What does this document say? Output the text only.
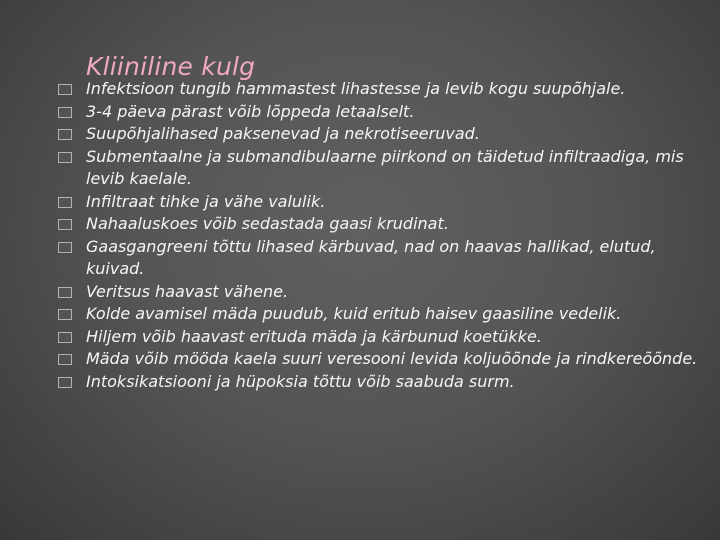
Kliiniline kulg
Infektsioon tungib hammastest lihastesse ja levib kogu suupõhjale.
3-4 päeva pärast võib lõppeda letaalselt.
Suupõhjalihased paksenevad ja nekrotiseeruvad.
Submentaalne ja submandibulaarne piirkond on täidetud infiltraadiga, mis levib kaelale.
Infiltraat tihke ja vähe valulik.
Nahaaluskoes võib sedastada gaasi krudinat.
Gaasgangreeni tõttu lihased kärbuvad, nad on haavas hallikad, elutud, kuivad.
Veritsus haavast vähene.
Kolde avamisel mäda puudub, kuid eritub haisev gaasiline vedelik.
Hiljem võib haavast erituda mäda ja kärbunud koetükke.
Mäda võib mööda kaela suuri veresooni levida koljuõõnde ja rindkereõõnde.
Intoksikatsiooni ja hüpoksia tõttu võib saabuda surm.
